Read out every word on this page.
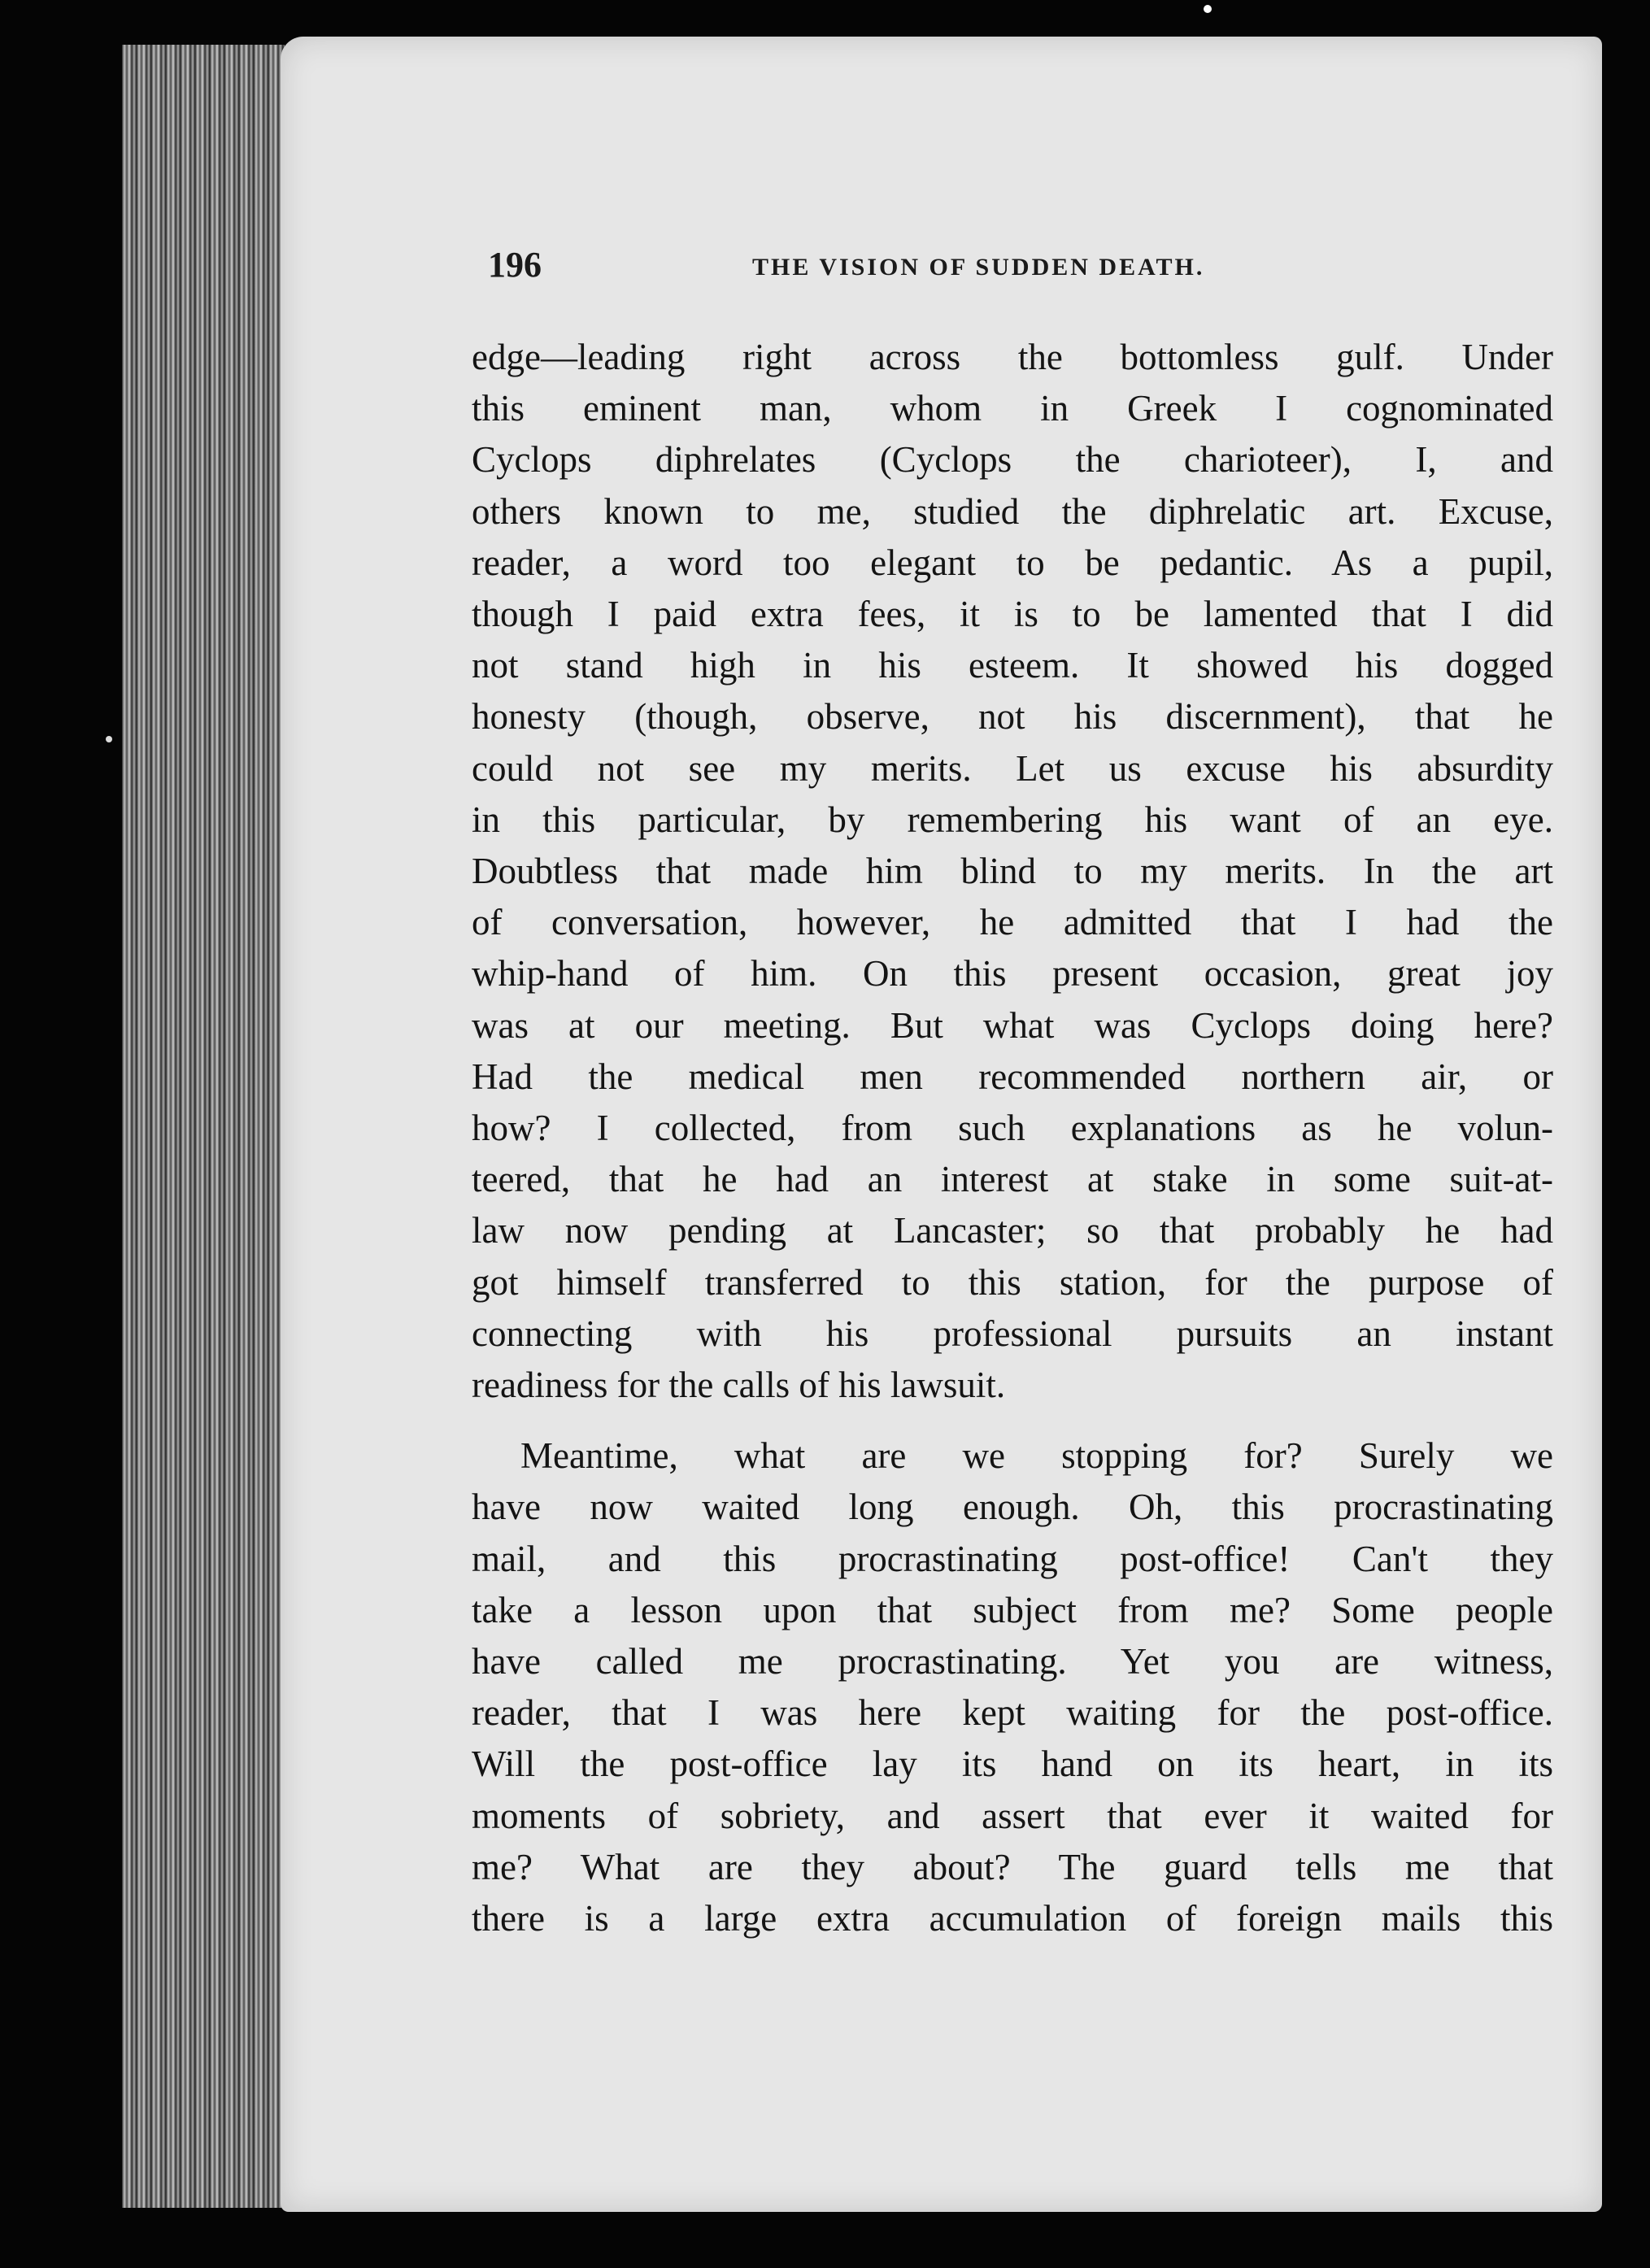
196	THE VISION OF SUDDEN DEATH.
edge—leading right across the bottomless gulf. Under
this eminent man, whom in Greek I cognominated
Cyclops diphrelates (Cyclops the charioteer), I, and
others known to me, studied the diphrelatic art. Excuse,
reader, a word too elegant to be pedantic. As a pupil,
though I paid extra fees, it is to be lamented that I did
not stand high in his esteem. It showed his dogged
honesty (though, observe, not his discernment), that he
could not see my merits. Let us excuse his absurdity
in this particular, by remembering his want of an eye.
Doubtless that made him blind to my merits. In the art
of conversation, however, he admitted that I had the
whip-hand of him. On this present occasion, great joy
was at our meeting. But what was Cyclops doing here?
Had the medical men recommended northern air, or
how? I collected, from such explanations as he volun-
teered, that he had an interest at stake in some suit-at-
law now pending at Lancaster; so that probably he had
got himself transferred to this station, for the purpose of
connecting with his professional pursuits an instant
readiness for the calls of his lawsuit.
Meantime, what are we stopping for? Surely we
have now waited long enough. Oh, this procrastinating
mail, and this procrastinating post-office! Can't they
take a lesson upon that subject from me? Some people
have called me procrastinating. Yet you are witness,
reader, that I was here kept waiting for the post-office.
Will the post-office lay its hand on its heart, in its
moments of sobriety, and assert that ever it waited for
me? What are they about? The guard tells me that
there is a large extra accumulation of foreign mails this
